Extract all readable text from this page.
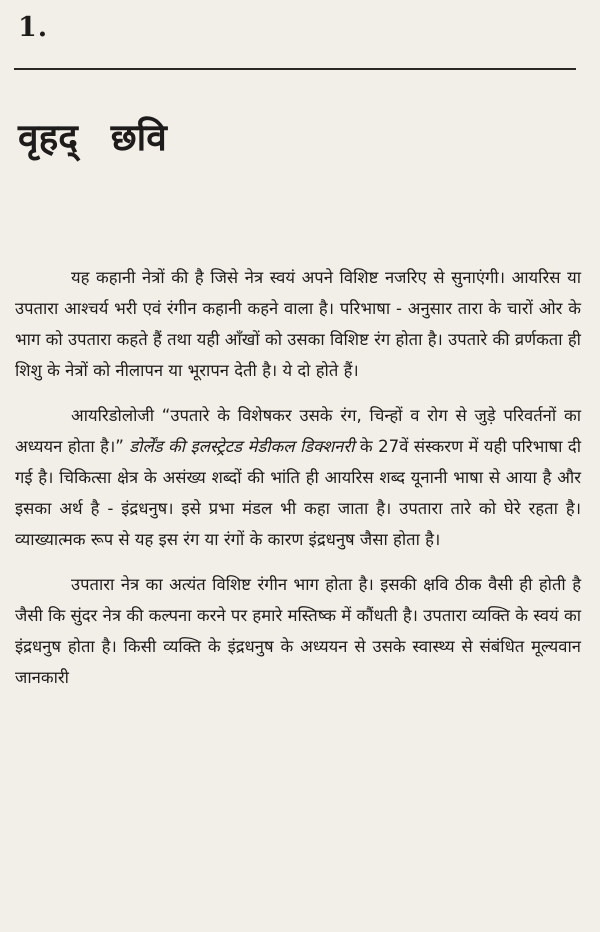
1.
वृहद् छवि

यह कहानी नेत्रों की है जिसे नेत्र स्वयं अपने विशिष्ट नजरिए से सुनाएंगी। आयरिस या उपतारा आश्चर्य भरी एवं रंगीन कहानी कहने वाला है। परिभाषा - अनुसार तारा के चारों ओर के भाग को उपतारा कहते हैं तथा यही आँखों को उसका विशिष्ट रंग होता है। उपतारे की व्रर्णकता ही शिशु के नेत्रों को नीलापन या भूरापन देती है। ये दो होते हैं।

आयरिडोलोजी “उपतारे के विशेषकर उसके रंग, चिन्हों व रोग से जुड़े परिवर्तनों का अध्ययन होता है।” डोर्लेंड की इलस्ट्रेटड मेडीकल डिक्शनरी के 27वें संस्करण में यही परिभाषा दी गई है। चिकित्सा क्षेत्र के असंख्य शब्दों की भांति ही आयरिस शब्द यूनानी भाषा से आया है और इसका अर्थ है - इंद्रधनुष। इसे प्रभा मंडल भी कहा जाता है। उपतारा तारे को घेरे रहता है। व्याख्यात्मक रूप से यह इस रंग या रंगों के कारण इंद्रधनुष जैसा होता है।

उपतारा नेत्र का अत्यंत विशिष्ट रंगीन भाग होता है। इसकी क्षवि ठीक वैसी ही होती है जैसी कि सुंदर नेत्र की कल्पना करने पर हमारे मस्तिष्क में कौंधती है। उपतारा व्यक्ति के स्वयं का इंद्रधनुष होता है। किसी व्यक्ति के इंद्रधनुष के अध्ययन से उसके स्वास्थ्य से संबंधित मूल्यवान जानकारी
